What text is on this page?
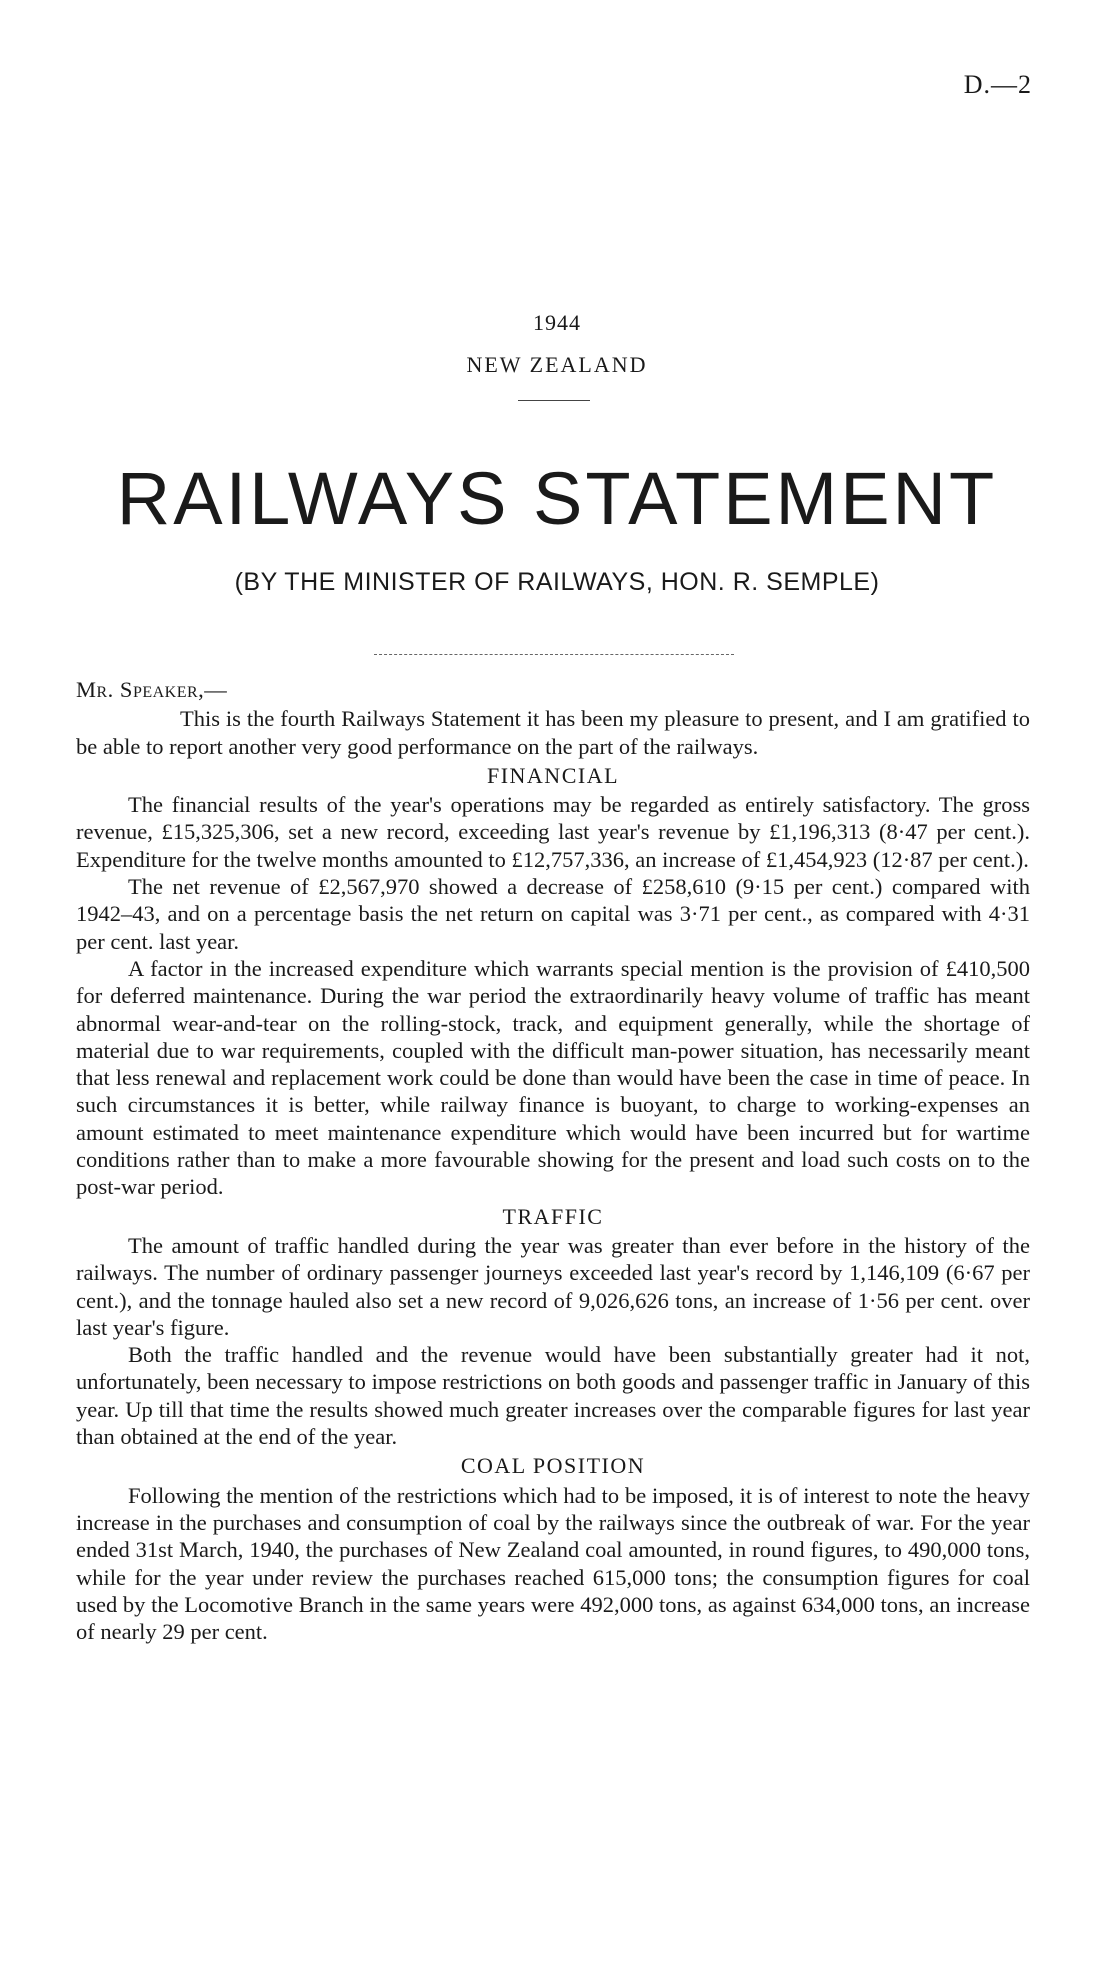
D.—2
1944
NEW ZEALAND
RAILWAYS STATEMENT
(BY THE MINISTER OF RAILWAYS, HON. R. SEMPLE)
Mr. Speaker,—

This is the fourth Railways Statement it has been my pleasure to present, and I am gratified to be able to report another very good performance on the part of the railways.

FINANCIAL

The financial results of the year's operations may be regarded as entirely satisfactory. The gross revenue, £15,325,306, set a new record, exceeding last year's revenue by £1,196,313 (8·47 per cent.). Expenditure for the twelve months amounted to £12,757,336, an increase of £1,454,923 (12·87 per cent.).

The net revenue of £2,567,970 showed a decrease of £258,610 (9·15 per cent.) compared with 1942–43, and on a percentage basis the net return on capital was 3·71 per cent., as compared with 4·31 per cent. last year.

A factor in the increased expenditure which warrants special mention is the provision of £410,500 for deferred maintenance. During the war period the extraordinarily heavy volume of traffic has meant abnormal wear-and-tear on the rolling-stock, track, and equipment generally, while the shortage of material due to war requirements, coupled with the difficult man-power situation, has necessarily meant that less renewal and replacement work could be done than would have been the case in time of peace. In such circumstances it is better, while railway finance is buoyant, to charge to working-expenses an amount estimated to meet maintenance expenditure which would have been incurred but for wartime conditions rather than to make a more favourable showing for the present and load such costs on to the post-war period.

TRAFFIC

The amount of traffic handled during the year was greater than ever before in the history of the railways. The number of ordinary passenger journeys exceeded last year's record by 1,146,109 (6·67 per cent.), and the tonnage hauled also set a new record of 9,026,626 tons, an increase of 1·56 per cent. over last year's figure.

Both the traffic handled and the revenue would have been substantially greater had it not, unfortunately, been necessary to impose restrictions on both goods and passenger traffic in January of this year. Up till that time the results showed much greater increases over the comparable figures for last year than obtained at the end of the year.

COAL POSITION

Following the mention of the restrictions which had to be imposed, it is of interest to note the heavy increase in the purchases and consumption of coal by the railways since the outbreak of war. For the year ended 31st March, 1940, the purchases of New Zealand coal amounted, in round figures, to 490,000 tons, while for the year under review the purchases reached 615,000 tons; the consumption figures for coal used by the Locomotive Branch in the same years were 492,000 tons, as against 634,000 tons, an increase of nearly 29 per cent.
